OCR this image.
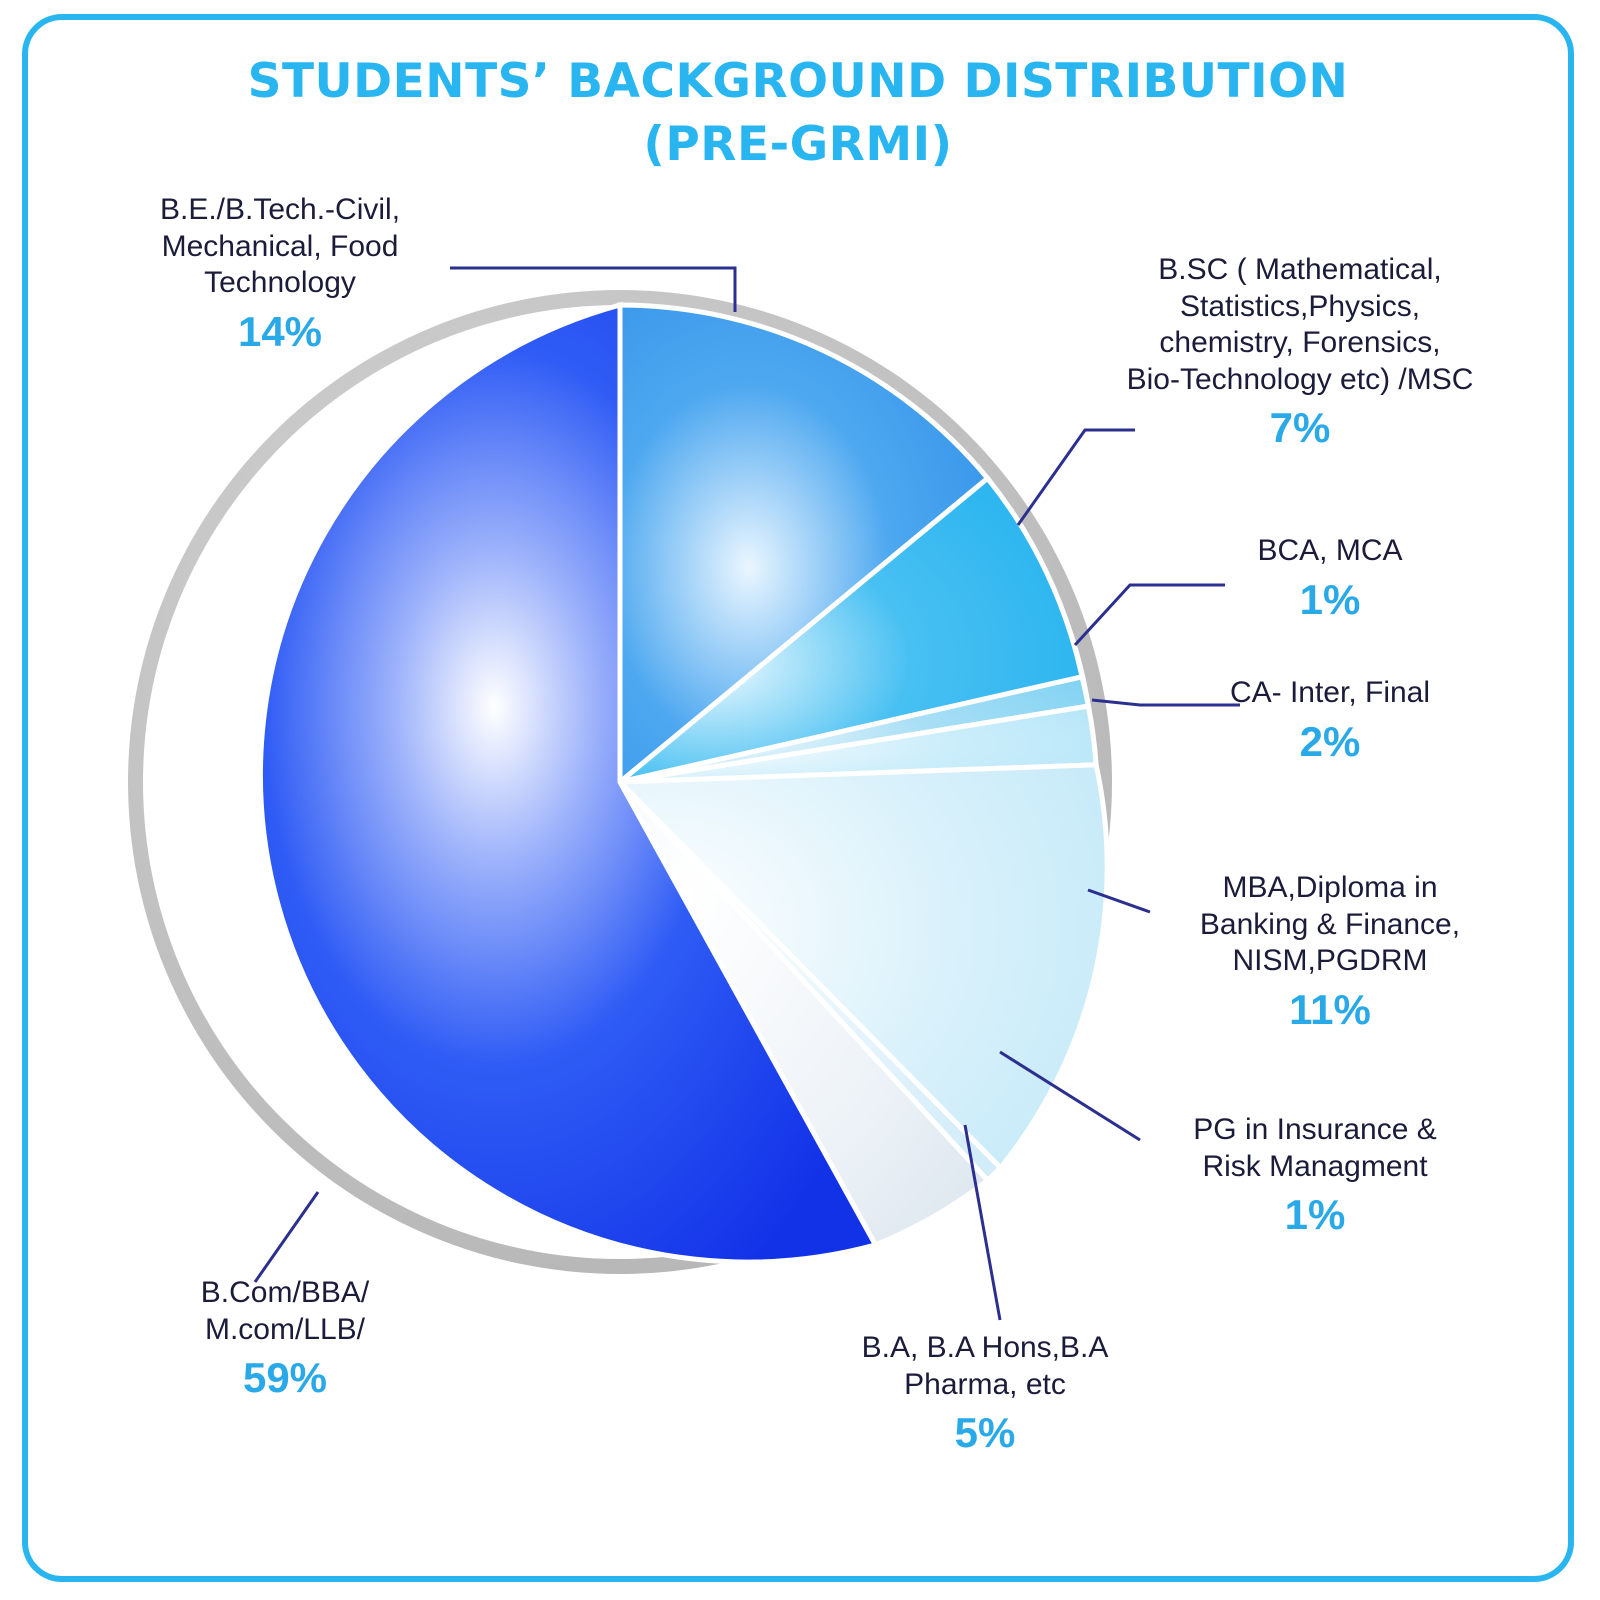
STUDENTS’ BACKGROUND DISTRIBUTION
(PRE-GRMI)
B.E./B.Tech.-Civil,
Mechanical, Food
Technology
14%
B.SC ( Mathematical,
Statistics,Physics,
chemistry, Forensics,
Bio-Technology etc) /MSC
7%
BCA, MCA
1%
CA- Inter, Final
2%
MBA,Diploma in
Banking & Finance,
NISM,PGDRM
11%
PG in Insurance &
Risk Managment
1%
B.A, B.A Hons,B.A
Pharma, etc
5%
B.Com/BBA/
M.com/LLB/
59%
